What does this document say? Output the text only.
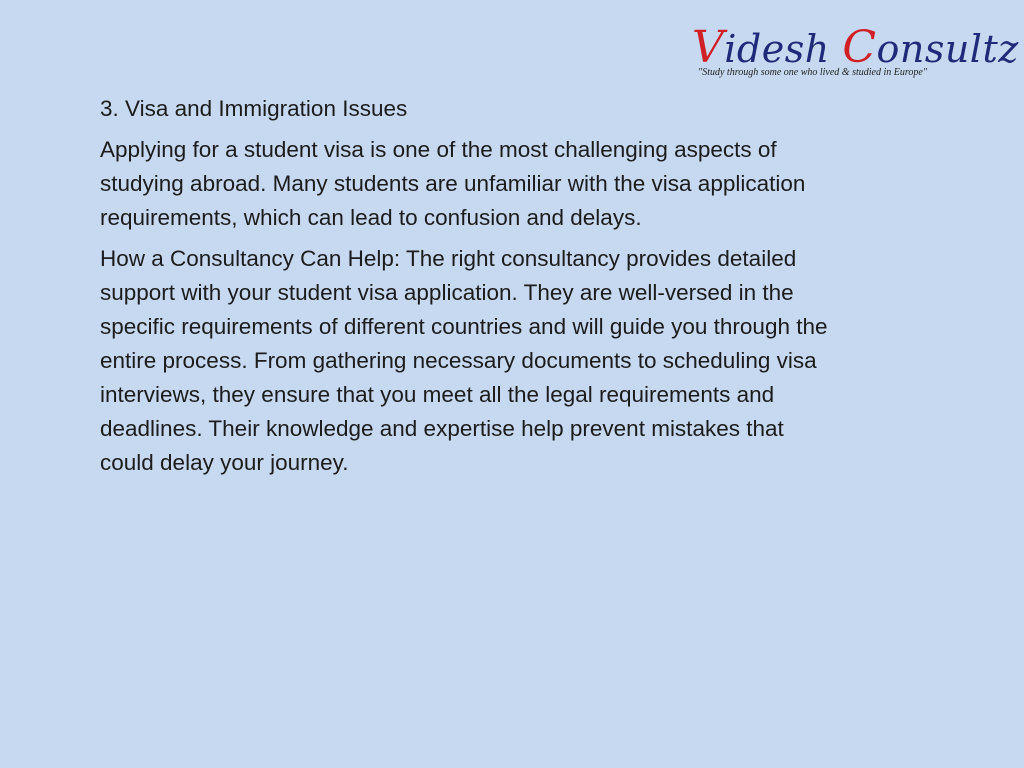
Videsh Consultz
"Study through some one who lived & studied in Europe"
3. Visa and Immigration Issues
Applying for a student visa is one of the most challenging aspects of
studying abroad. Many students are unfamiliar with the visa application
requirements, which can lead to confusion and delays.
How a Consultancy Can Help: The right consultancy provides detailed
support with your student visa application. They are well-versed in the
specific requirements of different countries and will guide you through the
entire process. From gathering necessary documents to scheduling visa
interviews, they ensure that you meet all the legal requirements and
deadlines. Their knowledge and expertise help prevent mistakes that
could delay your journey.
